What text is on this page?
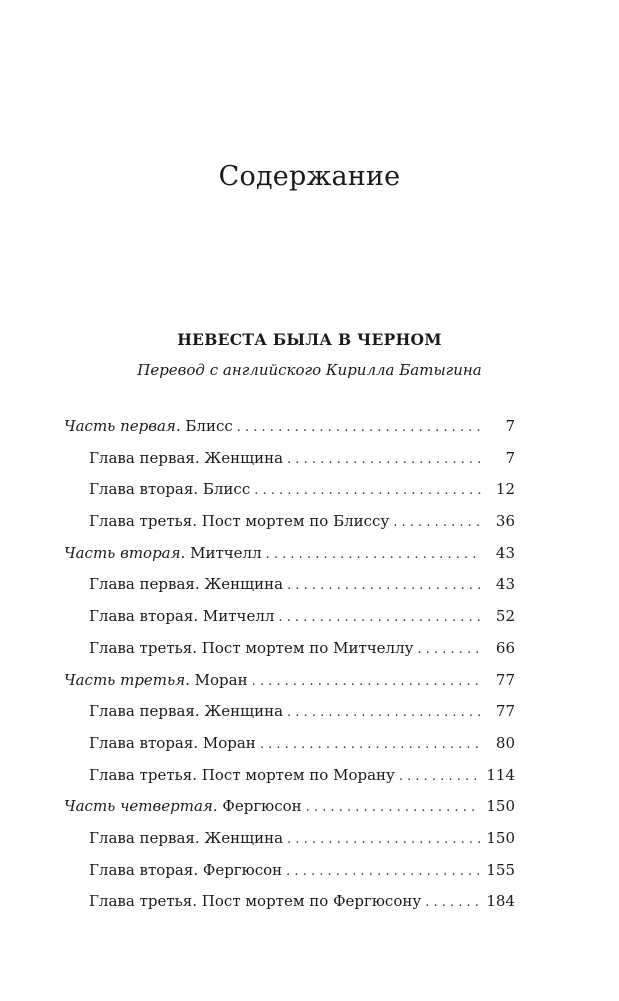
Содержание
НЕВЕСТА БЫЛА В ЧЕРНОМ
Перевод с английского Кирилла Батыгина
Часть первая. Блисс . . .	7
Глава первая. Женщина . . .	7
Глава вторая. Блисс . . .	12
Глава третья. Пост мортем по Блиссу . . .	36
Часть вторая. Митчелл . . .	43
Глава первая. Женщина . . .	43
Глава вторая. Митчелл . . .	52
Глава третья. Пост мортем по Митчеллу . . .	66
Часть третья. Моран . . .	77
Глава первая. Женщина . . .	77
Глава вторая. Моран . . .	80
Глава третья. Пост мортем по Морану . . .	114
Часть четвертая. Фергюсон . . .	150
Глава первая. Женщина . . .	150
Глава вторая. Фергюсон . . .	155
Глава третья. Пост мортем по Фергюсону . . .	184
